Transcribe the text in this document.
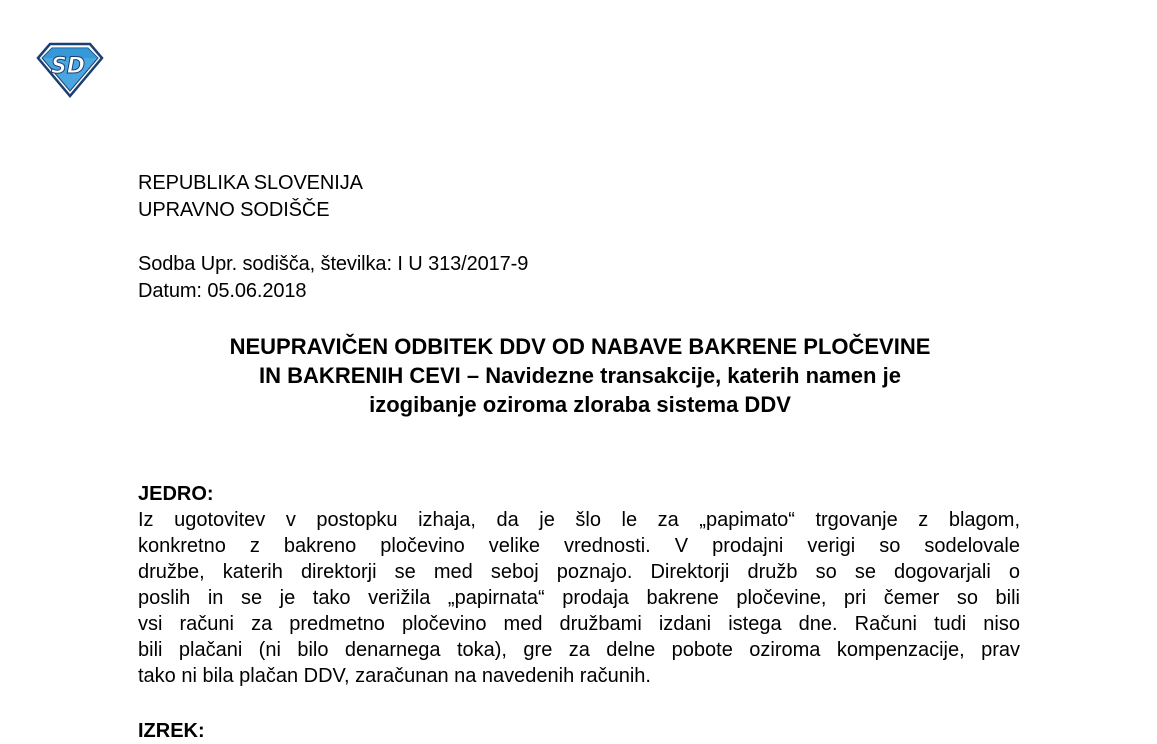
SD
REPUBLIKA SLOVENIJA
UPRAVNO SODIŠČE
Sodba Upr. sodišča, številka: I U 313/2017-9
Datum: 05.06.2018
NEUPRAVIČEN ODBITEK DDV OD NABAVE BAKRENE PLOČEVINE
IN BAKRENIH CEVI – Navidezne transakcije, katerih namen je
izogibanje oziroma zloraba sistema DDV
JEDRO:
Iz ugotovitev v postopku izhaja, da je šlo le za „papimato“ trgovanje z blagom,
konkretno z bakreno pločevino velike vrednosti. V prodajni verigi so sodelovale
družbe, katerih direktorji se med seboj poznajo. Direktorji družb so se dogovarjali o
poslih in se je tako verižila „papirnata“ prodaja bakrene pločevine, pri čemer so bili
vsi računi za predmetno pločevino med družbami izdani istega dne. Računi tudi niso
bili plačani (ni bilo denarnega toka), gre za delne pobote oziroma kompenzacije, prav
tako ni bila plačan DDV, zaračunan na navedenih računih.
IZREK:
